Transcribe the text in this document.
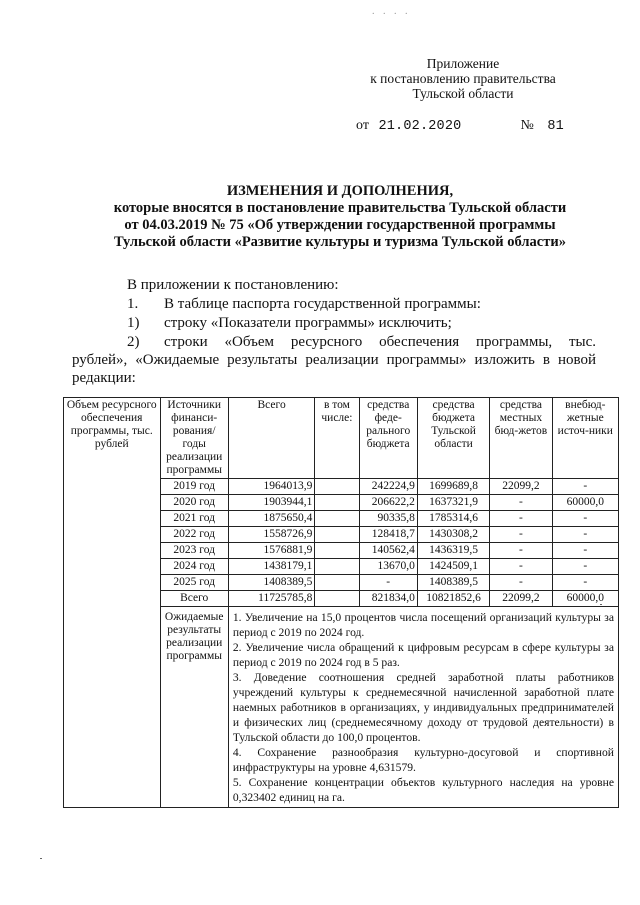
. . . .
Приложение
к постановлению правительства
Тульской области
от 21.02.2020	№ 81
ИЗМЕНЕНИЯ И ДОПОЛНЕНИЯ,
которые вносятся в постановление правительства Тульской области
от 04.03.2019 № 75 «Об утверждении государственной программы
Тульской области «Развитие культуры и туризма Тульской области»
В приложении к постановлению:
1. В таблице паспорта государственной программы:
1) строку «Показатели программы» исключить;
2) строки «Объем ресурсного обеспечения программы, тыс.
рублей», «Ожидаемые результаты реализации программы» изложить в новой
редакции:
Объем ресурсного обеспечения программы, тыс. рублей	Источники финанси-рования/ годы реализации программы	Всего	в том числе:	средства феде-рального бюджета	средства бюджета Тульской области	средства местных бюд-жетов	внебюд-жетные источ-ники
	2019 год	1964013,9		242224,9	1699689,8	22099,2	-
	2020 год	1903944,1		206622,2	1637321,9	-	60000,0
	2021 год	1875650,4		90335,8	1785314,6	-	-
	2022 год	1558726,9		128418,7	1430308,2	-	-
	2023 год	1576881,9		140562,4	1436319,5	-	-
	2024 год	1438179,1		13670,0	1424509,1	-	-
	2025 год	1408389,5		-	1408389,5	-	-
	Всего	11725785,8		821834,0	10821852,6	22099,2	60000,0
	Ожидаемые результаты реализации программы	1. Увеличение на 15,0 процентов числа посещений организаций культуры за период с 2019 по 2024 год.
2. Увеличение числа обращений к цифровым ресурсам в сфере культуры за период с 2019 по 2024 год в 5 раз.
3. Доведение соотношения средней заработной платы работников учреждений культуры к среднемесячной начисленной заработной плате наемных работников в организациях, у индивидуальных предпринимателей и физических лиц (среднемесячному доходу от трудовой деятельности) в Тульской области до 100,0 процентов.
4. Сохранение разнообразия культурно-досуговой и спортивной инфраструктуры на уровне 4,631579.
5. Сохранение концентрации объектов культурного наследия на уровне 0,323402 единиц на га.					
